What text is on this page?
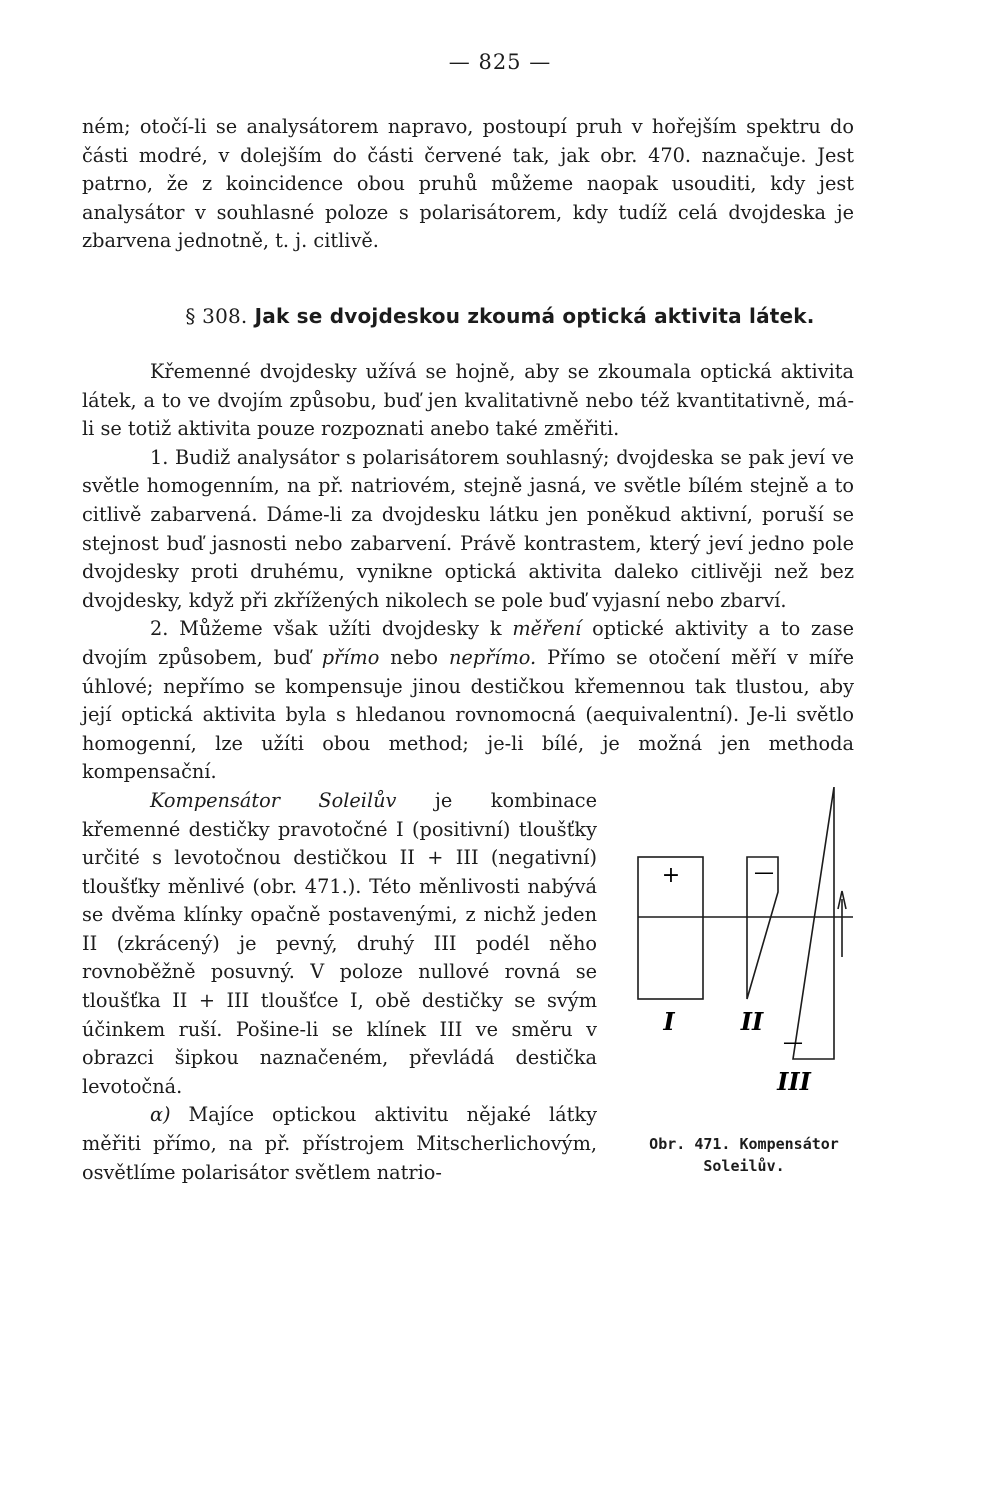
— 825 —
ném; otočí-li se analysátorem napravo, postoupí pruh v hořejším spektru do části modré, v dolejším do části červené tak, jak obr. 470. naznačuje. Jest patrno, že z koincidence obou pruhů můžeme naopak usouditi, kdy jest analysátor v souhlasné poloze s polarisátorem, kdy tudíž celá dvojdeska je zbarvena jednotně, t. j. citlivě.
§ 308. Jak se dvojdeskou zkoumá optická aktivita látek.

Křemenné dvojdesky užívá se hojně, aby se zkoumala optická aktivita látek, a to ve dvojím způsobu, buď jen kvalitativně nebo též kvantitativně, má-li se totiž aktivita pouze rozpoznati anebo také změřiti.

1. Budiž analysátor s polarisátorem souhlasný; dvojdeska se pak jeví ve světle homogenním, na př. natriovém, stejně jasná, ve světle bílém stejně a to citlivě zabarvená. Dáme-li za dvojdesku látku jen poněkud aktivní, poruší se stejnost buď jasnosti nebo zabarvení. Právě kontrastem, který jeví jedno pole dvojdesky proti druhému, vynikne optická aktivita daleko citlivěji než bez dvojdesky, když při zkřížených nikolech se pole buď vyjasní nebo zbarví.

2. Můžeme však užíti dvojdesky k měření optické aktivity a to zase dvojím způsobem, buď přímo nebo nepřímo. Přímo se otočení měří v míře úhlové; nepřímo se kompensuje jinou destičkou křemennou tak tlustou, aby její optická aktivita byla s hledanou rovnomocná (aequivalentní). Je-li světlo homogenní, lze užíti obou method; je-li bílé, je možná jen methoda kompensační.

+	—
—
I	II
III
Obr. 471. Kompensátor
Soleilův.

Kompensátor Soleilův je kombinace křemenné destičky pravotočné I (positivní) tloušťky určité s levotočnou destičkou II + III (negativní) tloušťky měnlivé (obr. 471.). Této měnlivosti nabývá se dvěma klínky opačně postavenými, z nichž jeden II (zkrácený) je pevný, druhý III podél něho rovnoběžně posuvný. V poloze nullové rovná se tloušťka II + III tloušťce I, obě destičky se svým účinkem ruší. Pošine-li se klínek III ve směru v obrazci šipkou naznačeném, převládá destička levotočná.

α) Majíce optickou aktivitu nějaké látky měřiti přímo, na př. přístrojem Mitscherlichovým, osvětlíme polarisátor světlem natrio-
